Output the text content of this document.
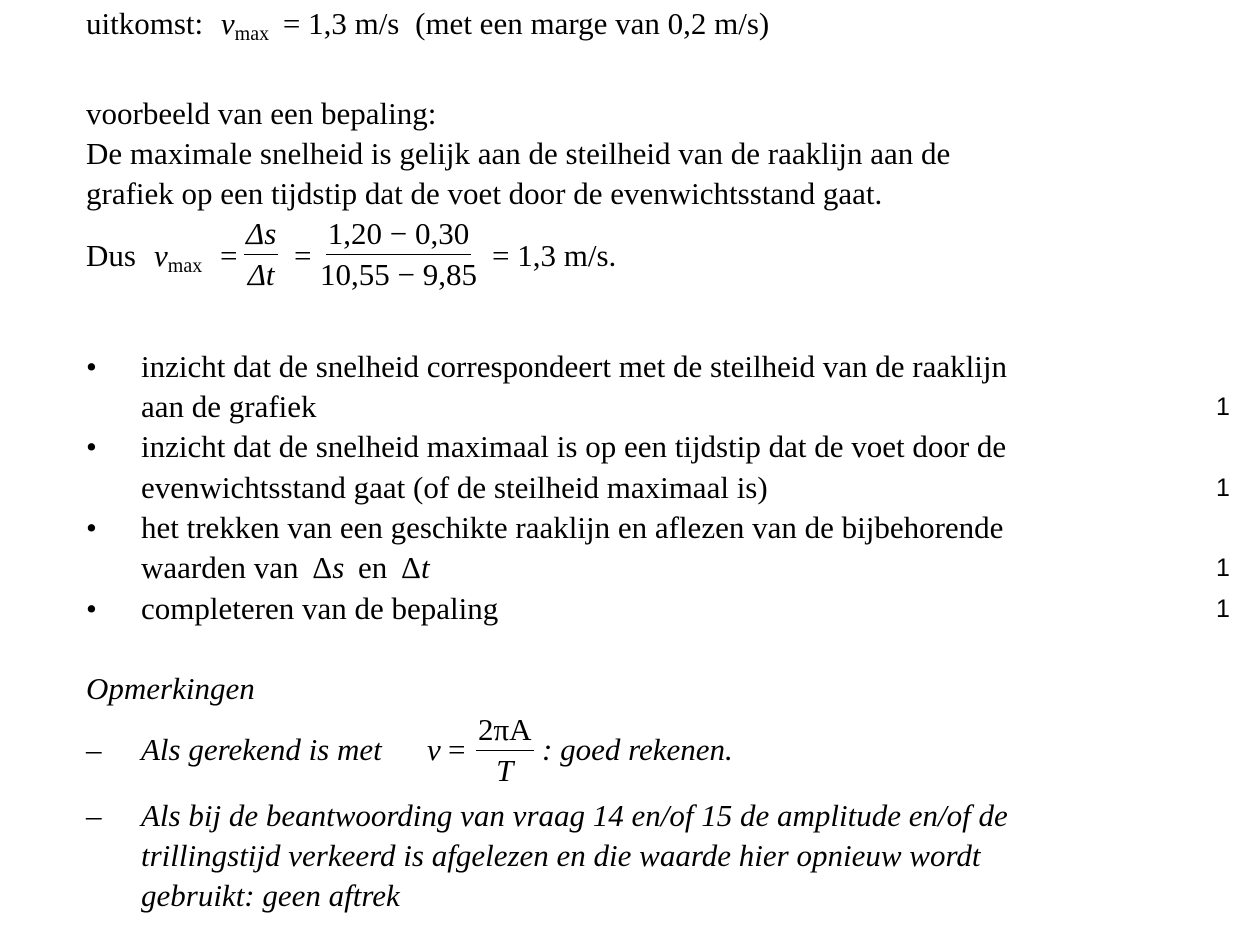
uitkomst: $v_{max} = 1,3$ m/s (met een marge van 0,2 m/s)
voorbeeld van een bepaling:
De maximale snelheid is gelijk aan de steilheid van de raaklijn aan de
grafiek op een tijdstip dat de voet door de evenwichtsstand gaat.
Dus $v_{max} = \frac{\Delta s}{\Delta t} = \frac{1,20 - 0,30}{10,55 - 9,85} = 1,3$ m/s.
• inzicht dat de snelheid correspondeert met de steilheid van de raaklijn
aan de grafiek	1
• inzicht dat de snelheid maximaal is op een tijdstip dat de voet door de
evenwichtsstand gaat (of de steilheid maximaal is)	1
• het trekken van een geschikte raaklijn en aflezen van de bijbehorende
waarden van Δs en Δt	1
• completeren van de bepaling	1
Opmerkingen
– Als gerekend is met $v = \frac{2\pi A}{T}$ : goed rekenen.
– Als bij de beantwoording van vraag 14 en/of 15 de amplitude en/of de
trillingstijd verkeerd is afgelezen en die waarde hier opnieuw wordt
gebruikt: geen aftrek
